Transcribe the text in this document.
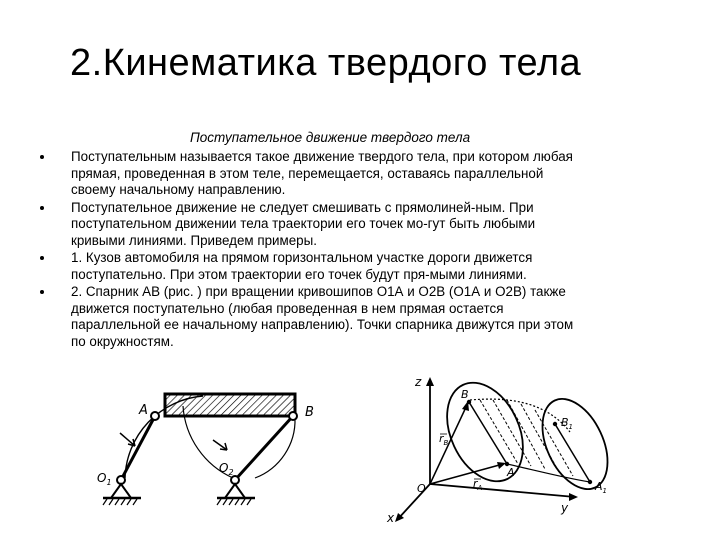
2.Кинематика твердого тела
Поступательное движение твердого тела
Поступательным называется такое движение твердого тела, при котором любая
прямая, проведенная в этом теле, перемещается, оставаясь параллельной
своему начальному направлению.
Поступательное движение не следует смешивать с прямолиней-ным. При
поступательном движении тела траектории его точек мо-гут быть любыми
кривыми линиями. Приведем примеры.
1. Кузов автомобиля на прямом горизонтальном участке дороги движется
поступательно. При этом траектории его точек будут пря-мыми линиями.
2. Спарник АВ (рис. ) при вращении кривошипов О1А и О2В (О1А и О2В) также
движется поступательно (любая проведенная в нем прямая остается
параллельной ее начальному направлению). Точки спарника движутся при этом
по окружностям.
A	B
$O_1$
$O_2$
z
y
x
O
B
A
$B_1$
$A_1$
$r_B$
$r_A$
